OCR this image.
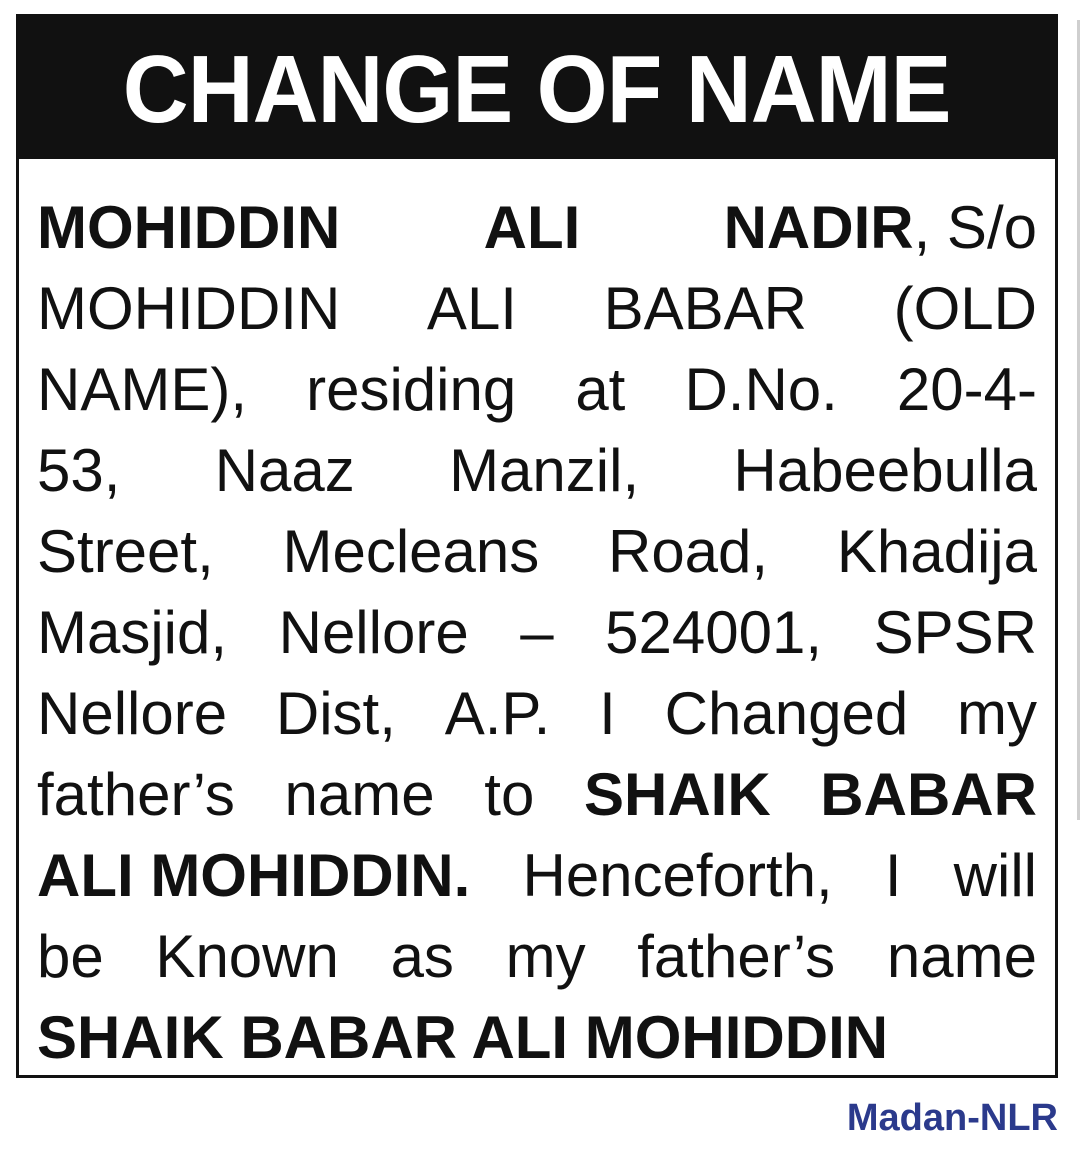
CHANGE OF NAME
MOHIDDIN ALI NADIR, S/o
MOHIDDIN ALI BABAR (OLD
NAME), residing at D.No. 20-4-
53, Naaz Manzil, Habeebulla
Street, Mecleans Road, Khadija
Masjid, Nellore – 524001, SPSR
Nellore Dist, A.P. I Changed my
father’s name to SHAIK BABAR
ALI MOHIDDIN. Henceforth, I will
be Known as my father’s name
SHAIK BABAR ALI MOHIDDIN
Madan-NLR
